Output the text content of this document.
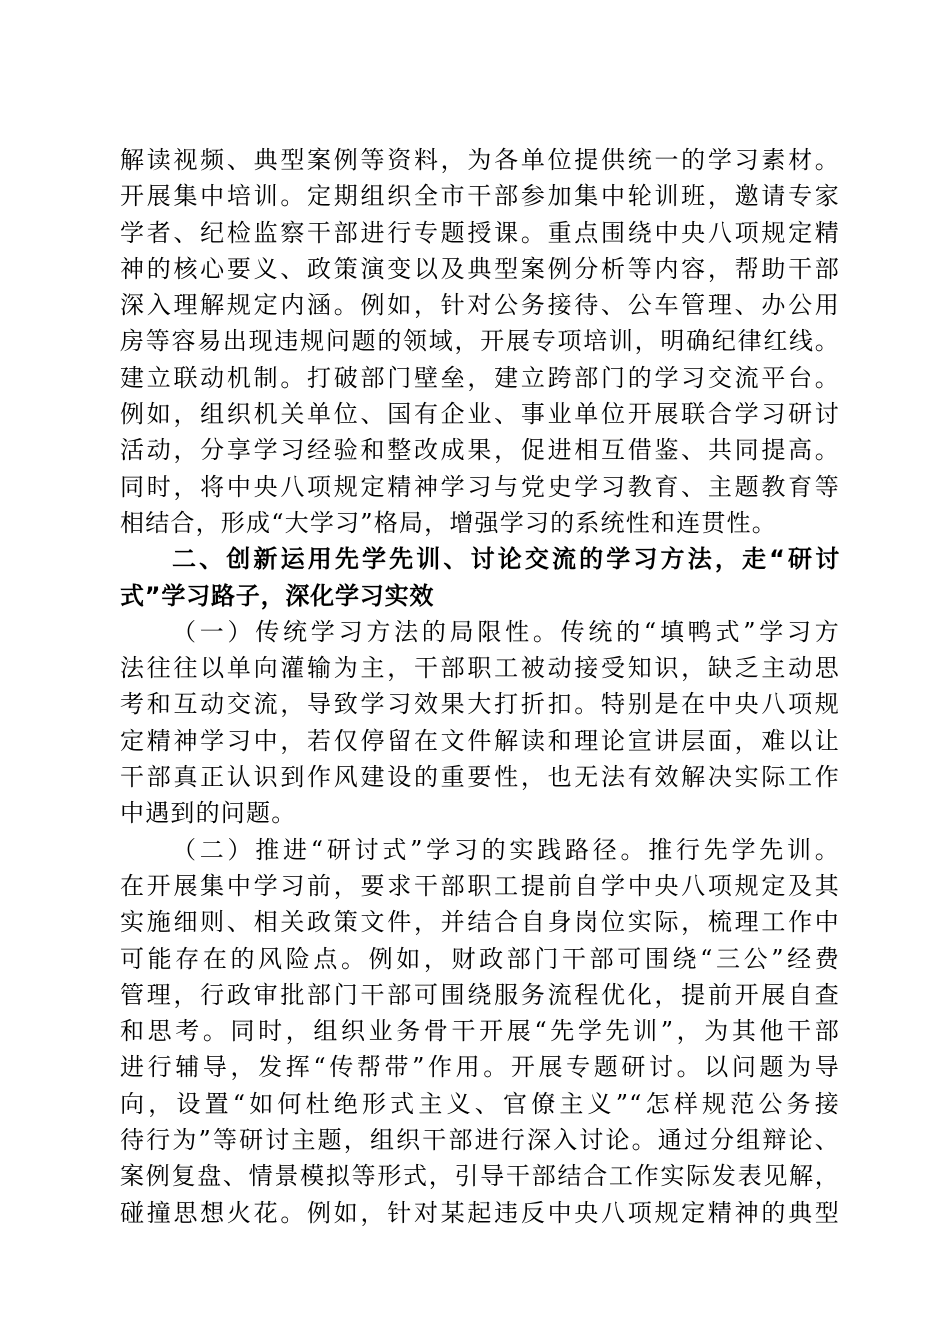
解读视频、典型案例等资料，为各单位提供统一的学习素材。
开展集中培训。定期组织全市干部参加集中轮训班，邀请专家
学者、纪检监察干部进行专题授课。重点围绕中央八项规定精
神的核心要义、政策演变以及典型案例分析等内容，帮助干部
深入理解规定内涵。例如，针对公务接待、公车管理、办公用
房等容易出现违规问题的领域，开展专项培训，明确纪律红线。
建立联动机制。打破部门壁垒，建立跨部门的学习交流平台。
例如，组织机关单位、国有企业、事业单位开展联合学习研讨
活动，分享学习经验和整改成果，促进相互借鉴、共同提高。
同时，将中央八项规定精神学习与党史学习教育、主题教育等
相结合，形成“大学习”格局，增强学习的系统性和连贯性。
二、创新运用先学先训、讨论交流的学习方法，走“研讨
式”学习路子，深化学习实效
（一）传统学习方法的局限性。传统的“填鸭式”学习方
法往往以单向灌输为主，干部职工被动接受知识，缺乏主动思
考和互动交流，导致学习效果大打折扣。特别是在中央八项规
定精神学习中，若仅停留在文件解读和理论宣讲层面，难以让
干部真正认识到作风建设的重要性，也无法有效解决实际工作
中遇到的问题。
（二）推进“研讨式”学习的实践路径。推行先学先训。
在开展集中学习前，要求干部职工提前自学中央八项规定及其
实施细则、相关政策文件，并结合自身岗位实际，梳理工作中
可能存在的风险点。例如，财政部门干部可围绕“三公”经费
管理，行政审批部门干部可围绕服务流程优化，提前开展自查
和思考。同时，组织业务骨干开展“先学先训”，为其他干部
进行辅导，发挥“传帮带”作用。开展专题研讨。以问题为导
向，设置“如何杜绝形式主义、官僚主义”“怎样规范公务接
待行为”等研讨主题，组织干部进行深入讨论。通过分组辩论、
案例复盘、情景模拟等形式，引导干部结合工作实际发表见解，
碰撞思想火花。例如，针对某起违反中央八项规定精神的典型
